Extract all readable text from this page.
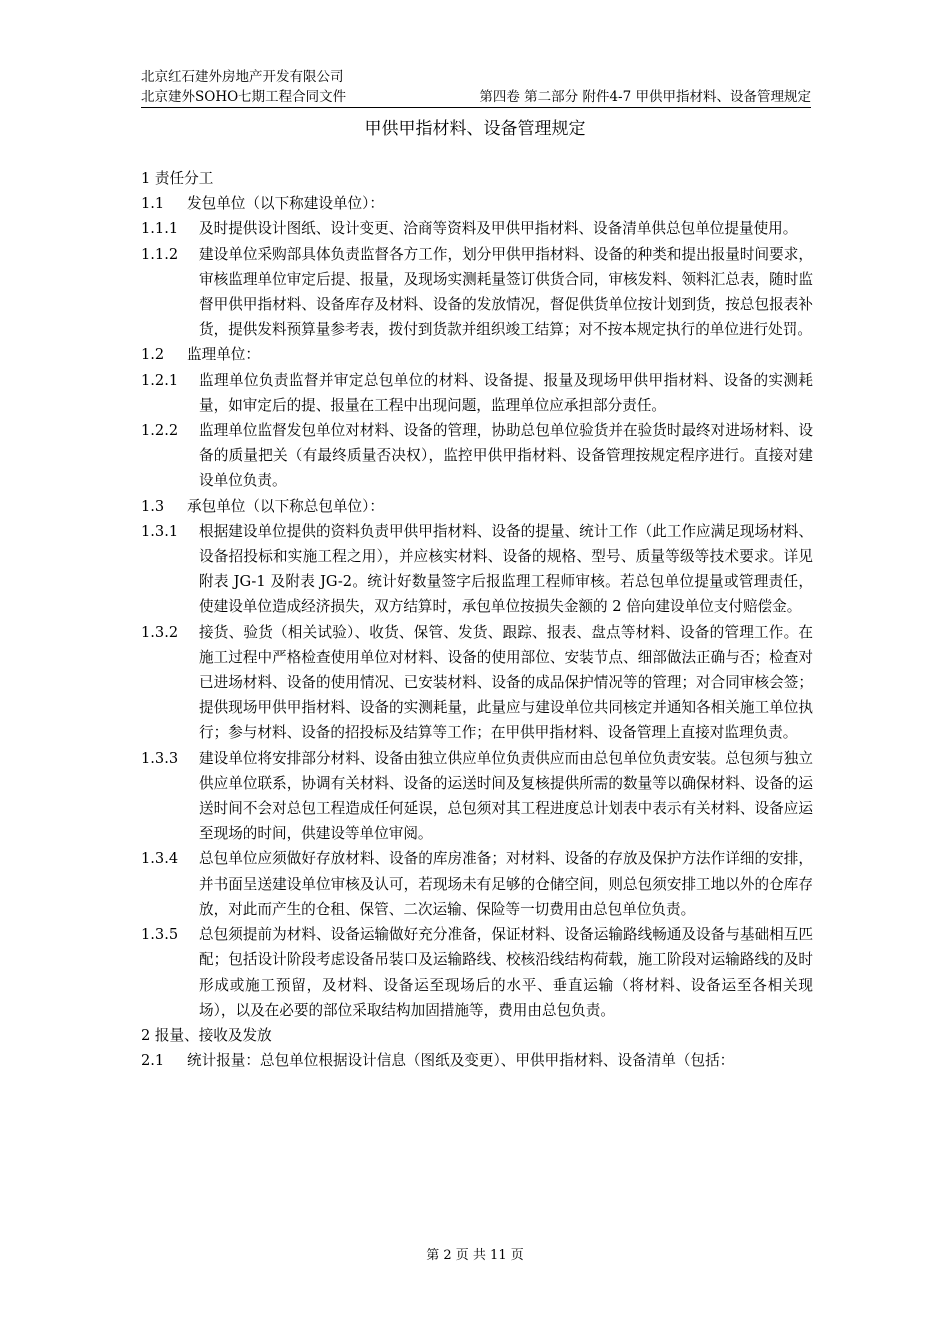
北京红石建外房地产开发有限公司
北京建外SOHO七期工程合同文件	第四卷 第二部分 附件4-7 甲供甲指材料、设备管理规定
甲供甲指材料、设备管理规定
1 责任分工
1.1	发包单位（以下称建设单位）：
1.1.1	及时提供设计图纸、设计变更、洽商等资料及甲供甲指材料、设备清单供总包单位提量使用。
1.1.2	建设单位采购部具体负责监督各方工作，划分甲供甲指材料、设备的种类和提出报量时间要求，审核监理单位审定后提、报量，及现场实测耗量签订供货合同，审核发料、领料汇总表，随时监督甲供甲指材料、设备库存及材料、设备的发放情况，督促供货单位按计划到货，按总包报表补货，提供发料预算量参考表，拨付到货款并组织竣工结算；对不按本规定执行的单位进行处罚。
1.2	监理单位：
1.2.1	监理单位负责监督并审定总包单位的材料、设备提、报量及现场甲供甲指材料、设备的实测耗量，如审定后的提、报量在工程中出现问题，监理单位应承担部分责任。
1.2.2	监理单位监督发包单位对材料、设备的管理，协助总包单位验货并在验货时最终对进场材料、设备的质量把关（有最终质量否决权），监控甲供甲指材料、设备管理按规定程序进行。直接对建设单位负责。
1.3	承包单位（以下称总包单位）：
1.3.1	根据建设单位提供的资料负责甲供甲指材料、设备的提量、统计工作（此工作应满足现场材料、设备招投标和实施工程之用），并应核实材料、设备的规格、型号、质量等级等技术要求。详见附表 JG-1 及附表 JG-2。统计好数量签字后报监理工程师审核。若总包单位提量或管理责任，使建设单位造成经济损失，双方结算时，承包单位按损失金额的 2 倍向建设单位支付赔偿金。
1.3.2	接货、验货（相关试验）、收货、保管、发货、跟踪、报表、盘点等材料、设备的管理工作。在施工过程中严格检查使用单位对材料、设备的使用部位、安装节点、细部做法正确与否；检查对已进场材料、设备的使用情况、已安装材料、设备的成品保护情况等的管理；对合同审核会签；提供现场甲供甲指材料、设备的实测耗量，此量应与建设单位共同核定并通知各相关施工单位执行；参与材料、设备的招投标及结算等工作；在甲供甲指材料、设备管理上直接对监理负责。
1.3.3	建设单位将安排部分材料、设备由独立供应单位负责供应而由总包单位负责安装。总包须与独立供应单位联系，协调有关材料、设备的运送时间及复核提供所需的数量等以确保材料、设备的运送时间不会对总包工程造成任何延误，总包须对其工程进度总计划表中表示有关材料、设备应运至现场的时间，供建设等单位审阅。
1.3.4	总包单位应须做好存放材料、设备的库房准备；对材料、设备的存放及保护方法作详细的安排，并书面呈送建设单位审核及认可，若现场未有足够的仓储空间，则总包须安排工地以外的仓库存放，对此而产生的仓租、保管、二次运输、保险等一切费用由总包单位负责。
1.3.5	总包须提前为材料、设备运输做好充分准备，保证材料、设备运输路线畅通及设备与基础相互匹配；包括设计阶段考虑设备吊装口及运输路线、校核沿线结构荷载，施工阶段对运输路线的及时形成或施工预留，及材料、设备运至现场后的水平、垂直运输（将材料、设备运至各相关现场），以及在必要的部位采取结构加固措施等，费用由总包负责。
2 报量、接收及发放
2.1	统计报量：总包单位根据设计信息（图纸及变更）、甲供甲指材料、设备清单（包括：
第 2 页 共 11 页
